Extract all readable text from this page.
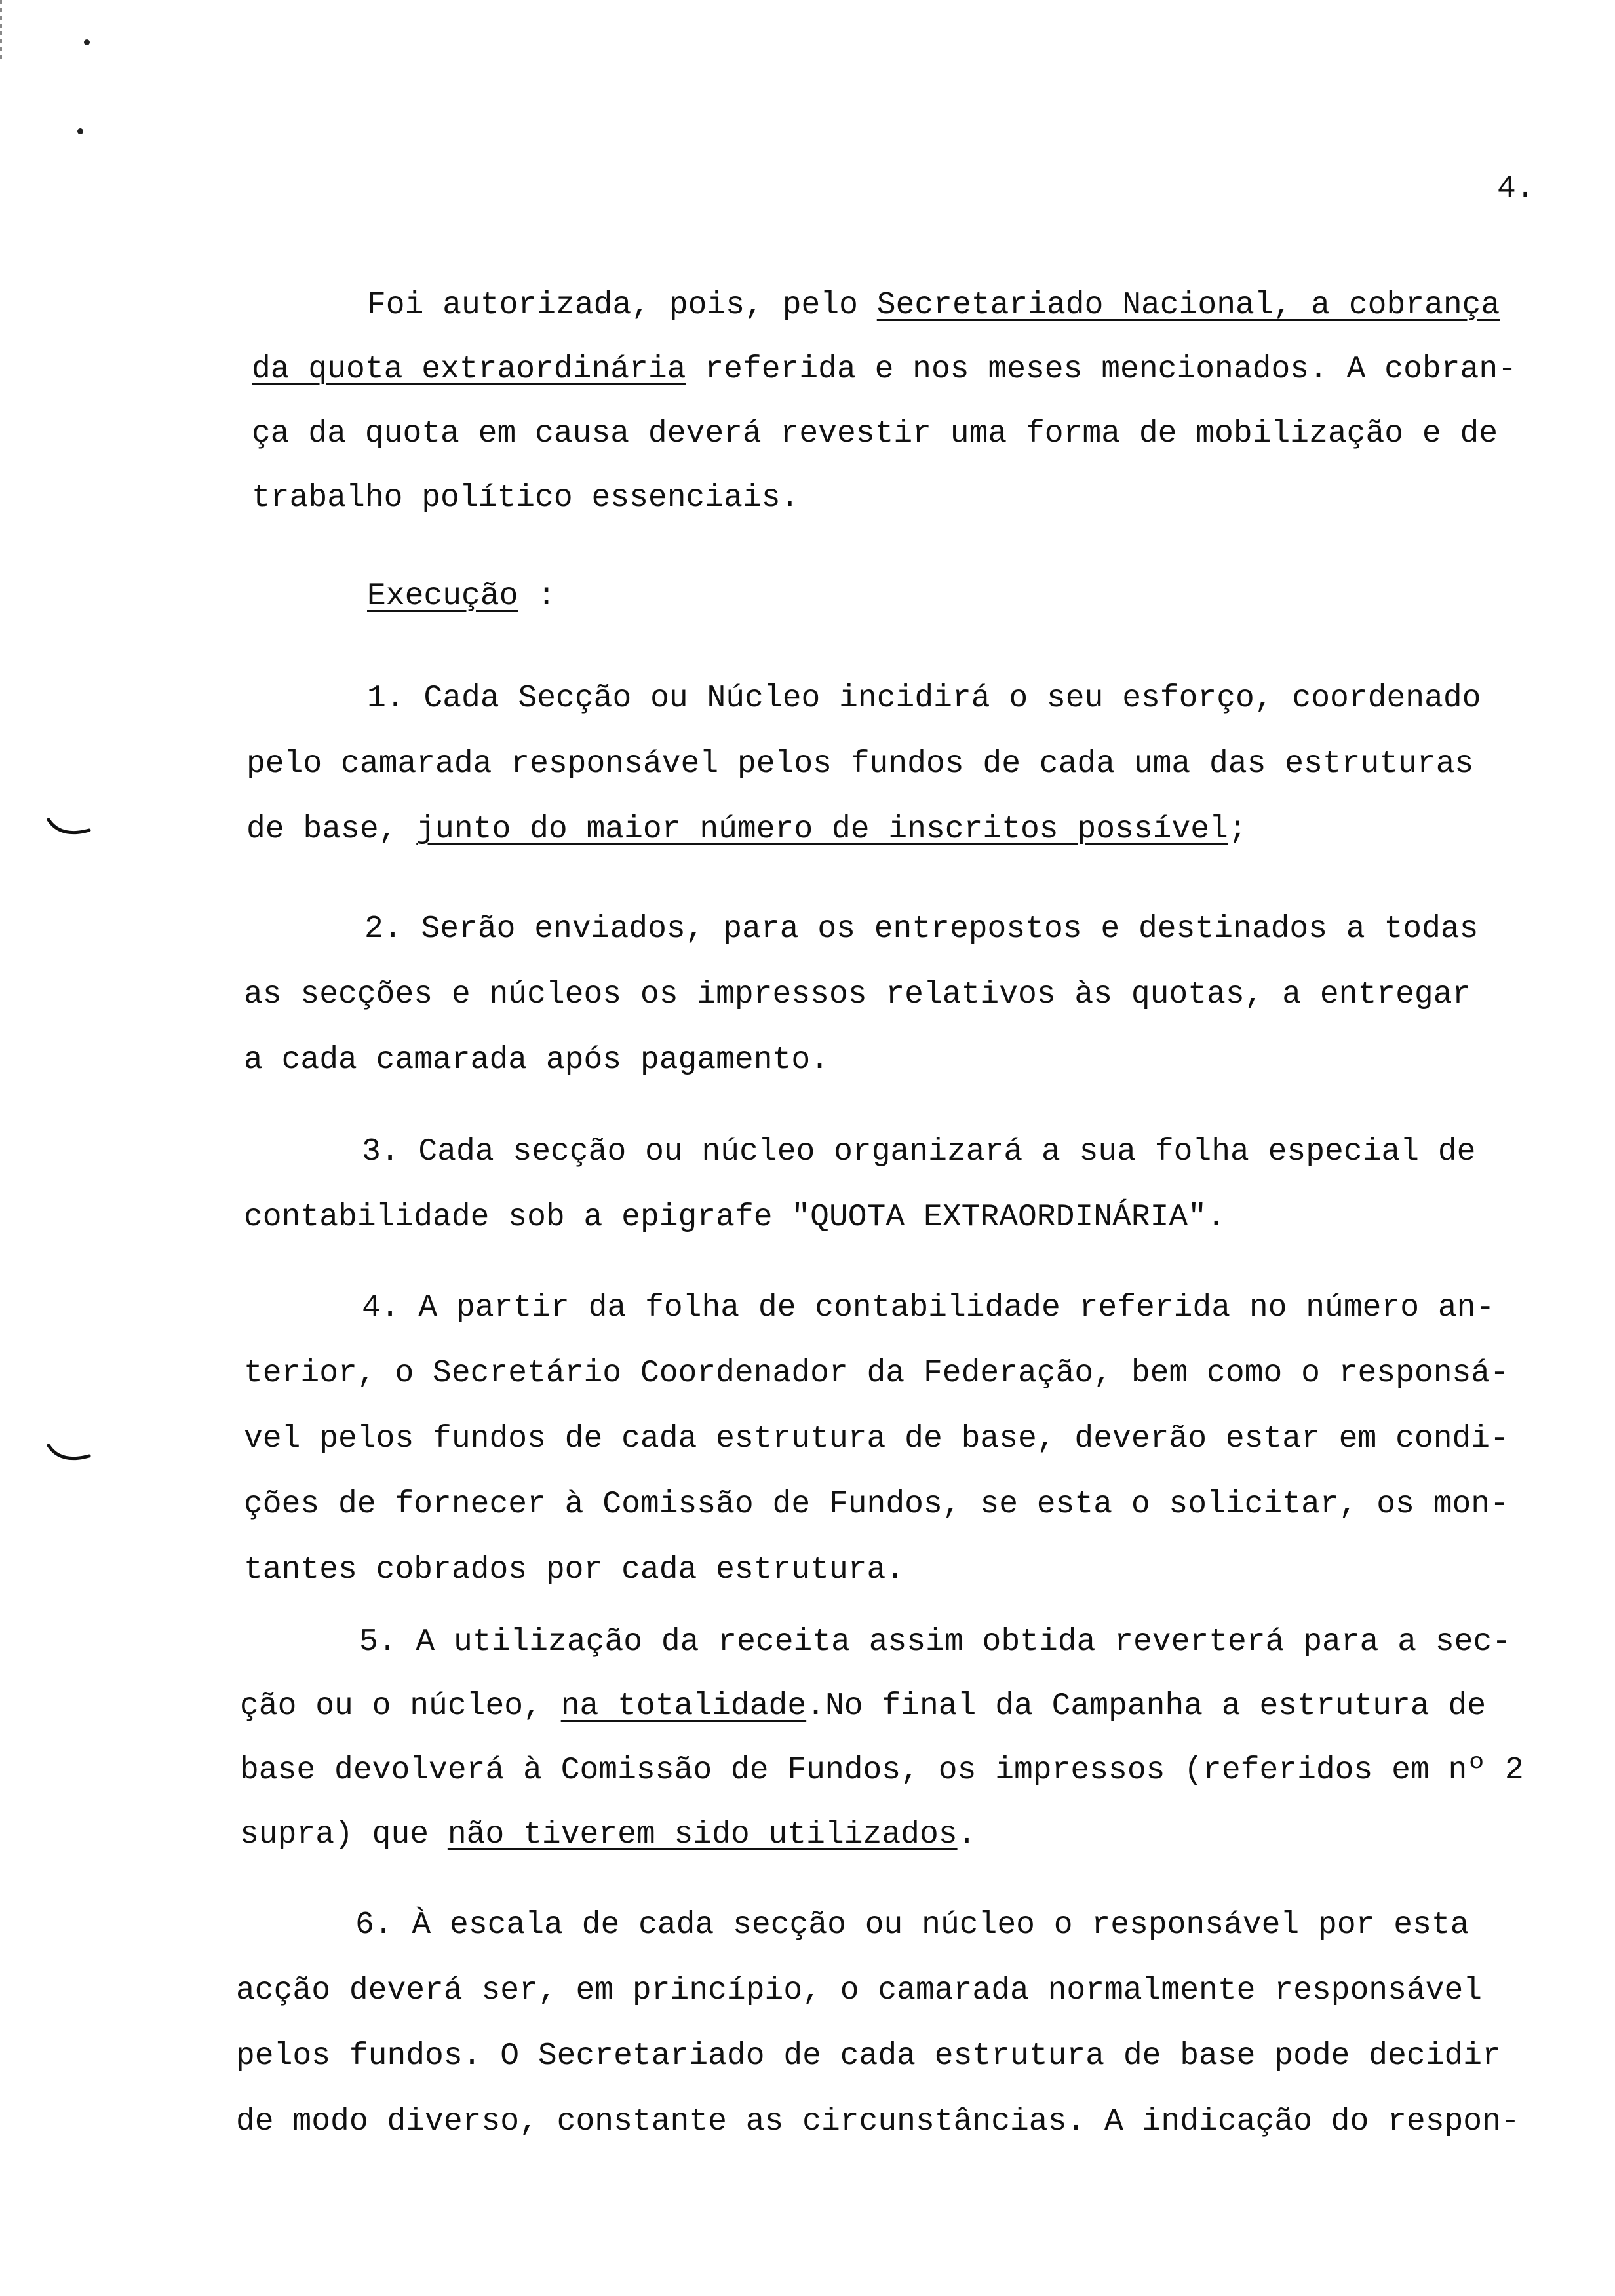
4.
Foi autorizada, pois, pelo Secretariado Nacional, a cobrança
da quota extraordinária referida e nos meses mencionados. A cobran-
ça da quota em causa deverá revestir uma forma de mobilização e de
trabalho político essenciais.
Execução :
1. Cada Secção ou Núcleo incidirá o seu esforço, coordenado
pelo camarada responsável pelos fundos de cada uma das estruturas
de base, junto do maior número de inscritos possível;
2. Serão enviados, para os entrepostos e destinados a todas
as secções e núcleos os impressos relativos às quotas, a entregar
a cada camarada após pagamento.
3. Cada secção ou núcleo organizará a sua folha especial de
contabilidade sob a epigrafe "QUOTA EXTRAORDINÁRIA".
4. A partir da folha de contabilidade referida no número an-
terior, o Secretário Coordenador da Federação, bem como o responsá-
vel pelos fundos de cada estrutura de base, deverão estar em condi-
ções de fornecer à Comissão de Fundos, se esta o solicitar, os mon-
tantes cobrados por cada estrutura.
5. A utilização da receita assim obtida reverterá para a sec-
ção ou o núcleo, na totalidade.No final da Campanha a estrutura de
base devolverá à Comissão de Fundos, os impressos (referidos em nº 2
supra) que não tiverem sido utilizados.
6. À escala de cada secção ou núcleo o responsável por esta
acção deverá ser, em princípio, o camarada normalmente responsável
pelos fundos. O Secretariado de cada estrutura de base pode decidir
de modo diverso, constante as circunstâncias. A indicação do respon-
